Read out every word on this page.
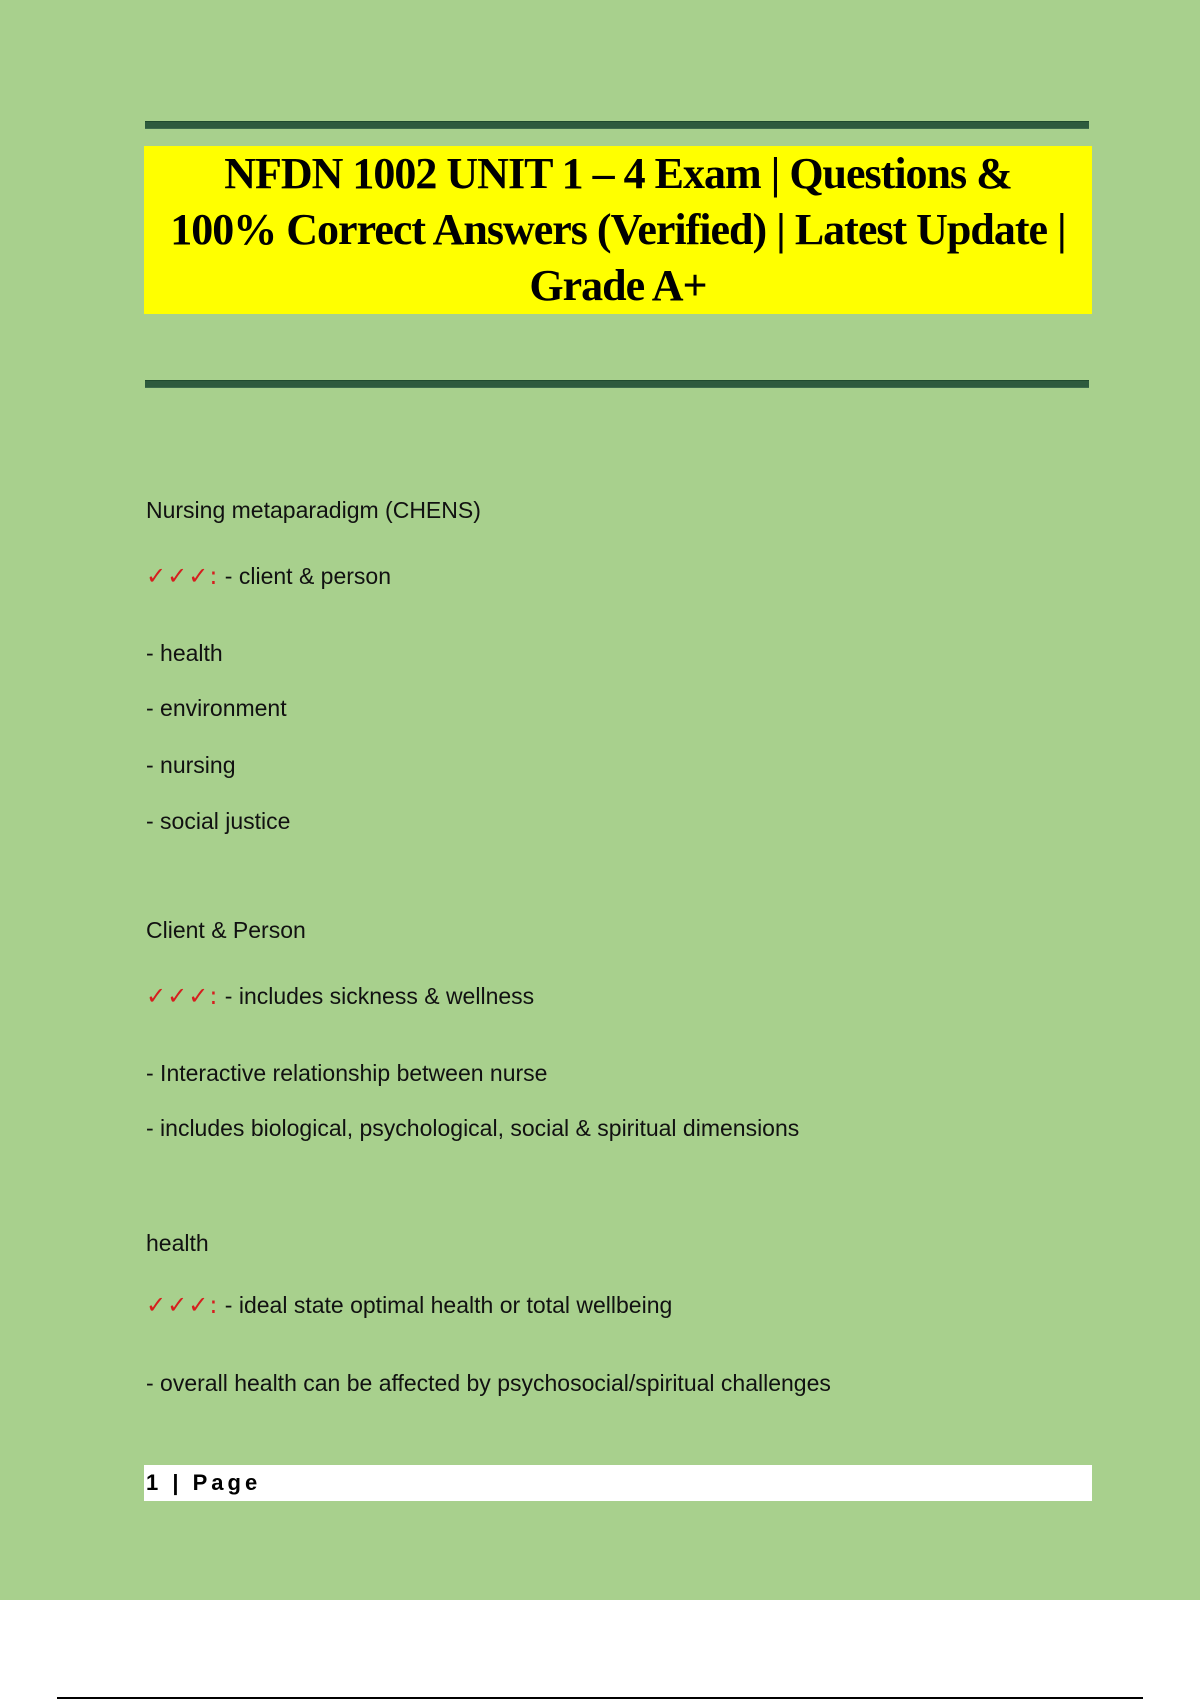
NFDN 1002 UNIT 1 – 4 Exam | Questions & 100% Correct Answers (Verified) | Latest Update | Grade A+
Nursing metaparadigm (CHENS)
✓✓✓: - client & person
- health
- environment
- nursing
- social justice
Client & Person
✓✓✓: - includes sickness & wellness
- Interactive relationship between nurse
- includes biological, psychological, social & spiritual dimensions
health
✓✓✓: - ideal state optimal health or total wellbeing
- overall health can be affected by psychosocial/spiritual challenges
1 | Page
